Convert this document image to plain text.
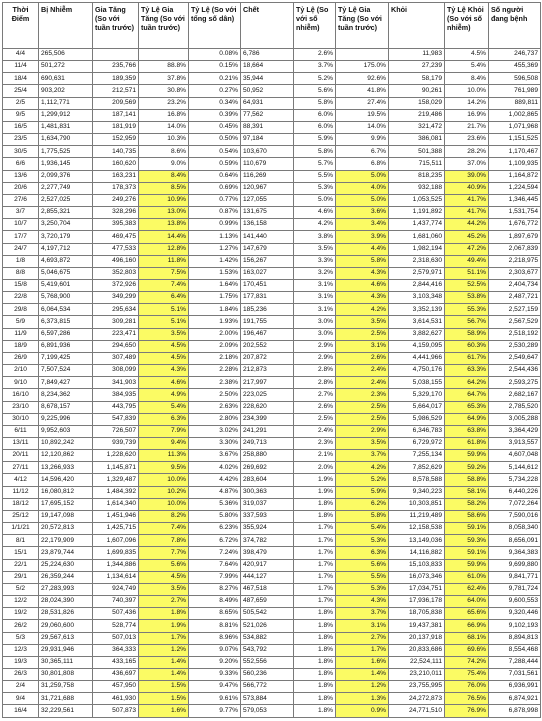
Thời Điểm	Bị Nhiễm	Gia Tăng (So với tuần trước)	Tỷ Lệ Gia Tăng (So với tuần trước)	Tỷ Lệ (So với tổng số dân)	Chết	Tỷ Lệ (So với số nhiễm)	Tỷ Lệ Gia Tăng (So với tuần trước)	Khỏi	Tỷ Lệ Khỏi (So với số nhiễm)	Số người đang bệnh
4/4	265,506			0.08%	6,786	2.6%		11,983	4.5%	246,737
11/4	501,272	235,766	88.8%	0.15%	18,664	3.7%	175.0%	27,239	5.4%	455,369
18/4	690,631	189,359	37.8%	0.21%	35,944	5.2%	92.6%	58,179	8.4%	596,508
25/4	903,202	212,571	30.8%	0.27%	50,952	5.6%	41.8%	90,261	10.0%	761,989
2/5	1,112,771	209,569	23.2%	0.34%	64,931	5.8%	27.4%	158,029	14.2%	889,811
9/5	1,299,912	187,141	16.8%	0.39%	77,562	6.0%	19.5%	219,486	16.9%	1,002,865
16/5	1,481,831	181,919	14.0%	0.45%	88,391	6.0%	14.0%	321,472	21.7%	1,071,968
23/5	1,634,790	152,959	10.3%	0.50%	97,184	5.9%	9.9%	386,081	23.6%	1,151,525
30/5	1,775,525	140,735	8.6%	0.54%	103,670	5.8%	6.7%	501,388	28.2%	1,170,467
6/6	1,936,145	160,620	9.0%	0.59%	110,679	5.7%	6.8%	715,511	37.0%	1,109,935
13/6	2,099,376	163,231	8.4%	0.64%	116,269	5.5%	5.0%	818,235	39.0%	1,164,872
20/6	2,277,749	178,373	8.5%	0.69%	120,967	5.3%	4.0%	932,188	40.9%	1,224,594
27/6	2,527,025	249,276	10.9%	0.77%	127,055	5.0%	5.0%	1,053,525	41.7%	1,346,445
3/7	2,855,321	328,296	13.0%	0.87%	131,675	4.6%	3.6%	1,191,892	41.7%	1,531,754
10/7	3,250,704	395,383	13.8%	0.99%	136,158	4.2%	3.4%	1,437,774	44.2%	1,676,772
17/7	3,720,179	469,475	14.4%	1.13%	141,440	3.8%	3.9%	1,681,060	45.2%	1,897,679
24/7	4,197,712	477,533	12.8%	1.27%	147,679	3.5%	4.4%	1,982,194	47.2%	2,067,839
1/8	4,693,872	496,160	11.8%	1.42%	156,267	3.3%	5.8%	2,318,630	49.4%	2,218,975
8/8	5,046,675	352,803	7.5%	1.53%	163,027	3.2%	4.3%	2,579,971	51.1%	2,303,677
15/8	5,419,601	372,926	7.4%	1.64%	170,451	3.1%	4.6%	2,844,416	52.5%	2,404,734
22/8	5,768,900	349,299	6.4%	1.75%	177,831	3.1%	4.3%	3,103,348	53.8%	2,487,721
29/8	6,064,534	295,634	5.1%	1.84%	185,236	3.1%	4.2%	3,352,139	55.3%	2,527,159
5/9	6,373,815	309,281	5.1%	1.93%	191,755	3.0%	3.5%	3,614,531	56.7%	2,567,529
11/9	6,597,286	223,471	3.5%	2.00%	196,467	3.0%	2.5%	3,882,627	58.9%	2,518,192
18/9	6,891,936	294,650	4.5%	2.09%	202,552	2.9%	3.1%	4,159,095	60.3%	2,530,289
26/9	7,199,425	307,489	4.5%	2.18%	207,872	2.9%	2.6%	4,441,966	61.7%	2,549,647
2/10	7,507,524	308,099	4.3%	2.28%	212,873	2.8%	2.4%	4,750,176	63.3%	2,544,436
9/10	7,849,427	341,903	4.6%	2.38%	217,997	2.8%	2.4%	5,038,155	64.2%	2,593,275
16/10	8,234,362	384,935	4.9%	2.50%	223,025	2.7%	2.3%	5,329,170	64.7%	2,682,167
23/10	8,678,157	443,795	5.4%	2.63%	228,620	2.6%	2.5%	5,664,017	65.3%	2,785,520
30/10	9,225,996	547,839	6.3%	2.80%	234,399	2.5%	2.5%	5,986,529	64.9%	3,005,288
6/11	9,952,603	726,507	7.9%	3.02%	241,291	2.4%	2.9%	6,346,783	63.8%	3,364,429
13/11	10,892,242	939,739	9.4%	3.30%	249,713	2.3%	3.5%	6,729,972	61.8%	3,913,557
20/11	12,120,862	1,228,620	11.3%	3.67%	258,880	2.1%	3.7%	7,255,134	59.9%	4,607,048
27/11	13,266,933	1,145,871	9.5%	4.02%	269,692	2.0%	4.2%	7,852,629	59.2%	5,144,612
4/12	14,596,420	1,329,487	10.0%	4.42%	283,604	1.9%	5.2%	8,578,588	58.8%	5,734,228
11/12	16,080,812	1,484,392	10.2%	4.87%	300,363	1.9%	5.9%	9,340,223	58.1%	6,440,226
18/12	17,695,152	1,614,340	10.0%	5.36%	319,037	1.8%	6.2%	10,303,851	58.2%	7,072,264
25/12	19,147,098	1,451,946	8.2%	5.80%	337,593	1.8%	5.8%	11,219,489	58.6%	7,590,016
1/1/21	20,572,813	1,425,715	7.4%	6.23%	355,924	1.7%	5.4%	12,158,538	59.1%	8,058,340
8/1	22,179,909	1,607,096	7.8%	6.72%	374,782	1.7%	5.3%	13,149,036	59.3%	8,656,091
15/1	23,879,744	1,699,835	7.7%	7.24%	398,479	1.7%	6.3%	14,116,882	59.1%	9,364,383
22/1	25,224,630	1,344,886	5.6%	7.64%	420,917	1.7%	5.6%	15,103,833	59.9%	9,699,880
29/1	26,359,244	1,134,614	4.5%	7.99%	444,127	1.7%	5.5%	16,073,346	61.0%	9,841,771
5/2	27,283,993	924,749	3.5%	8.27%	467,518	1.7%	5.3%	17,034,751	62.4%	9,781,724
12/2	28,024,390	740,397	2.7%	8.49%	487,659	1.7%	4.3%	17,936,178	64.0%	9,600,553
19/2	28,531,826	507,436	1.8%	8.65%	505,542	1.8%	3.7%	18,705,838	65.6%	9,320,446
26/2	29,060,600	528,774	1.9%	8.81%	521,026	1.8%	3.1%	19,437,381	66.9%	9,102,193
5/3	29,567,613	507,013	1.7%	8.96%	534,882	1.8%	2.7%	20,137,918	68.1%	8,894,813
12/3	29,931,946	364,333	1.2%	9.07%	543,792	1.8%	1.7%	20,833,686	69.6%	8,554,468
19/3	30,365,111	433,165	1.4%	9.20%	552,556	1.8%	1.6%	22,524,111	74.2%	7,288,444
26/3	30,801,808	436,697	1.4%	9.33%	560,236	1.8%	1.4%	23,210,011	75.4%	7,031,561
2/4	31,259,758	457,950	1.5%	9.47%	566,772	1.8%	1.2%	23,755,995	76.0%	6,936,991
9/4	31,721,688	461,930	1.5%	9.61%	573,884	1.8%	1.3%	24,272,873	76.5%	6,874,921
16/4	32,229,561	507,873	1.6%	9.77%	579,053	1.8%	0.9%	24,771,510	76.9%	6,878,998
